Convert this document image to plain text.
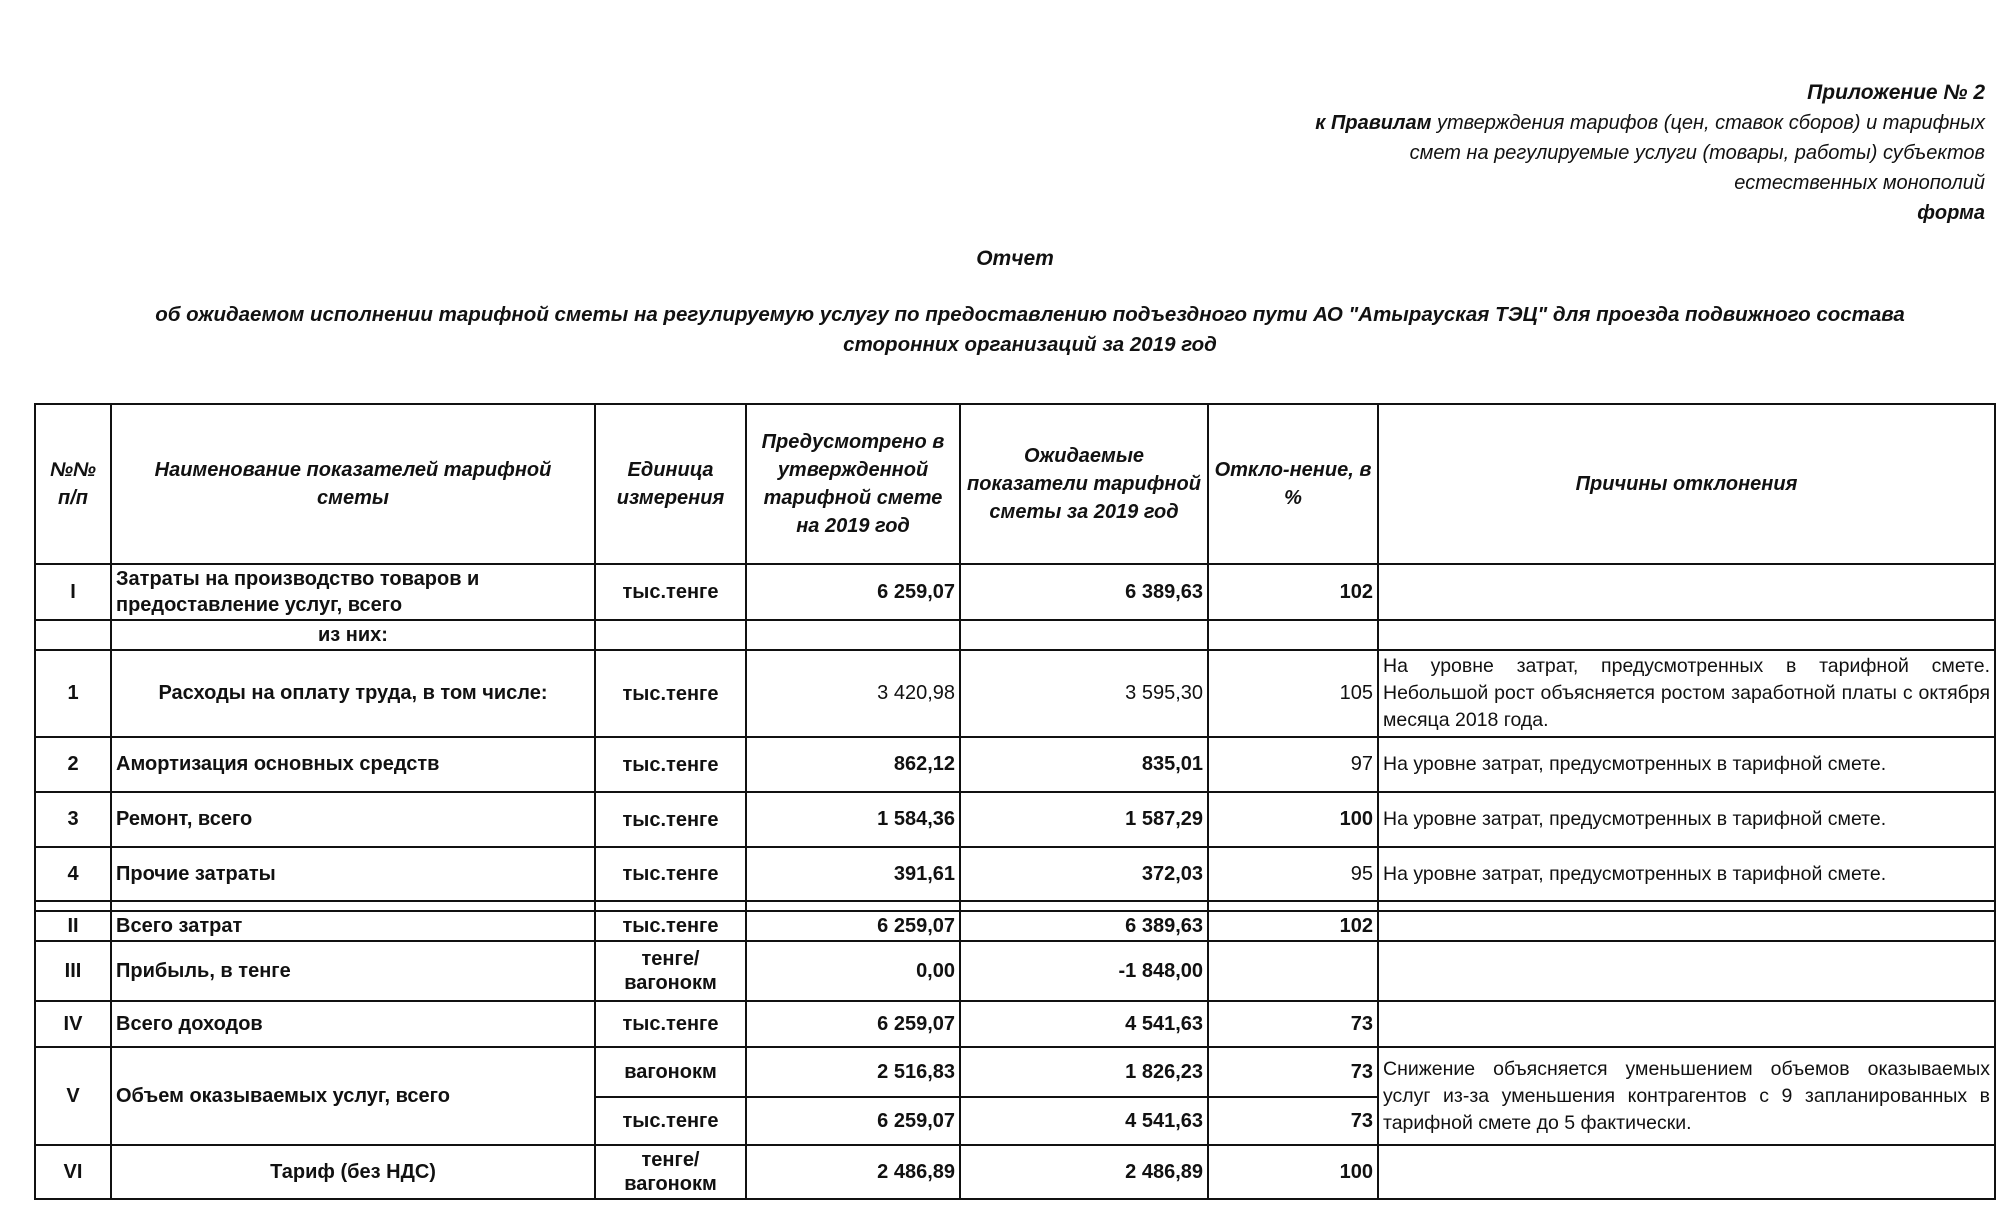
Приложение № 2
к Правилам утверждения тарифов (цен, ставок сборов) и тарифных
смет на регулируемые услуги (товары, работы) субъектов
естественных монополий
форма
Отчет
об ожидаемом исполнении тарифной сметы на регулируемую услугу по предоставлению подъездного пути АО "Атырауская ТЭЦ" для проезда подвижного состава
сторонних организаций за 2019 год
№№ п/п	Наименование показателей тарифной сметы	Единица измерения	Предусмотрено в утвержденной тарифной смете на 2019 год	Ожидаемые показатели тарифной сметы за 2019 год	Откло-нение, в %	Причины отклонения
I	Затраты на производство товаров и предоставление услуг, всего	тыс.тенге	6 259,07	6 389,63	102	
	из них:					
1	Расходы на оплату труда, в том числе:	тыс.тенге	3 420,98	3 595,30	105	На уровне затрат, предусмотренных в тарифной смете. Небольшой рост объясняется ростом заработной платы с октября месяца 2018 года.
2	Амортизация основных средств	тыс.тенге	862,12	835,01	97	На уровне затрат, предусмотренных в тарифной смете.
3	Ремонт, всего	тыс.тенге	1 584,36	1 587,29	100	На уровне затрат, предусмотренных в тарифной смете.
4	Прочие затраты	тыс.тенге	391,61	372,03	95	На уровне затрат, предусмотренных в тарифной смете.

II	Всего затрат	тыс.тенге	6 259,07	6 389,63	102	
III	Прибыль, в тенге	тенге/ вагонокм	0,00	-1 848,00		
IV	Всего доходов	тыс.тенге	6 259,07	4 541,63	73	
V	Объем оказываемых услуг, всего	вагонокм	2 516,83	1 826,23	73	Снижение объясняется уменьшением объемов оказываемых услуг из-за уменьшения контрагентов с 9 запланированных в тарифной смете до 5 фактически.
		тыс.тенге	6 259,07	4 541,63	73	
VI	Тариф (без НДС)	тенге/ вагонокм	2 486,89	2 486,89	100	
